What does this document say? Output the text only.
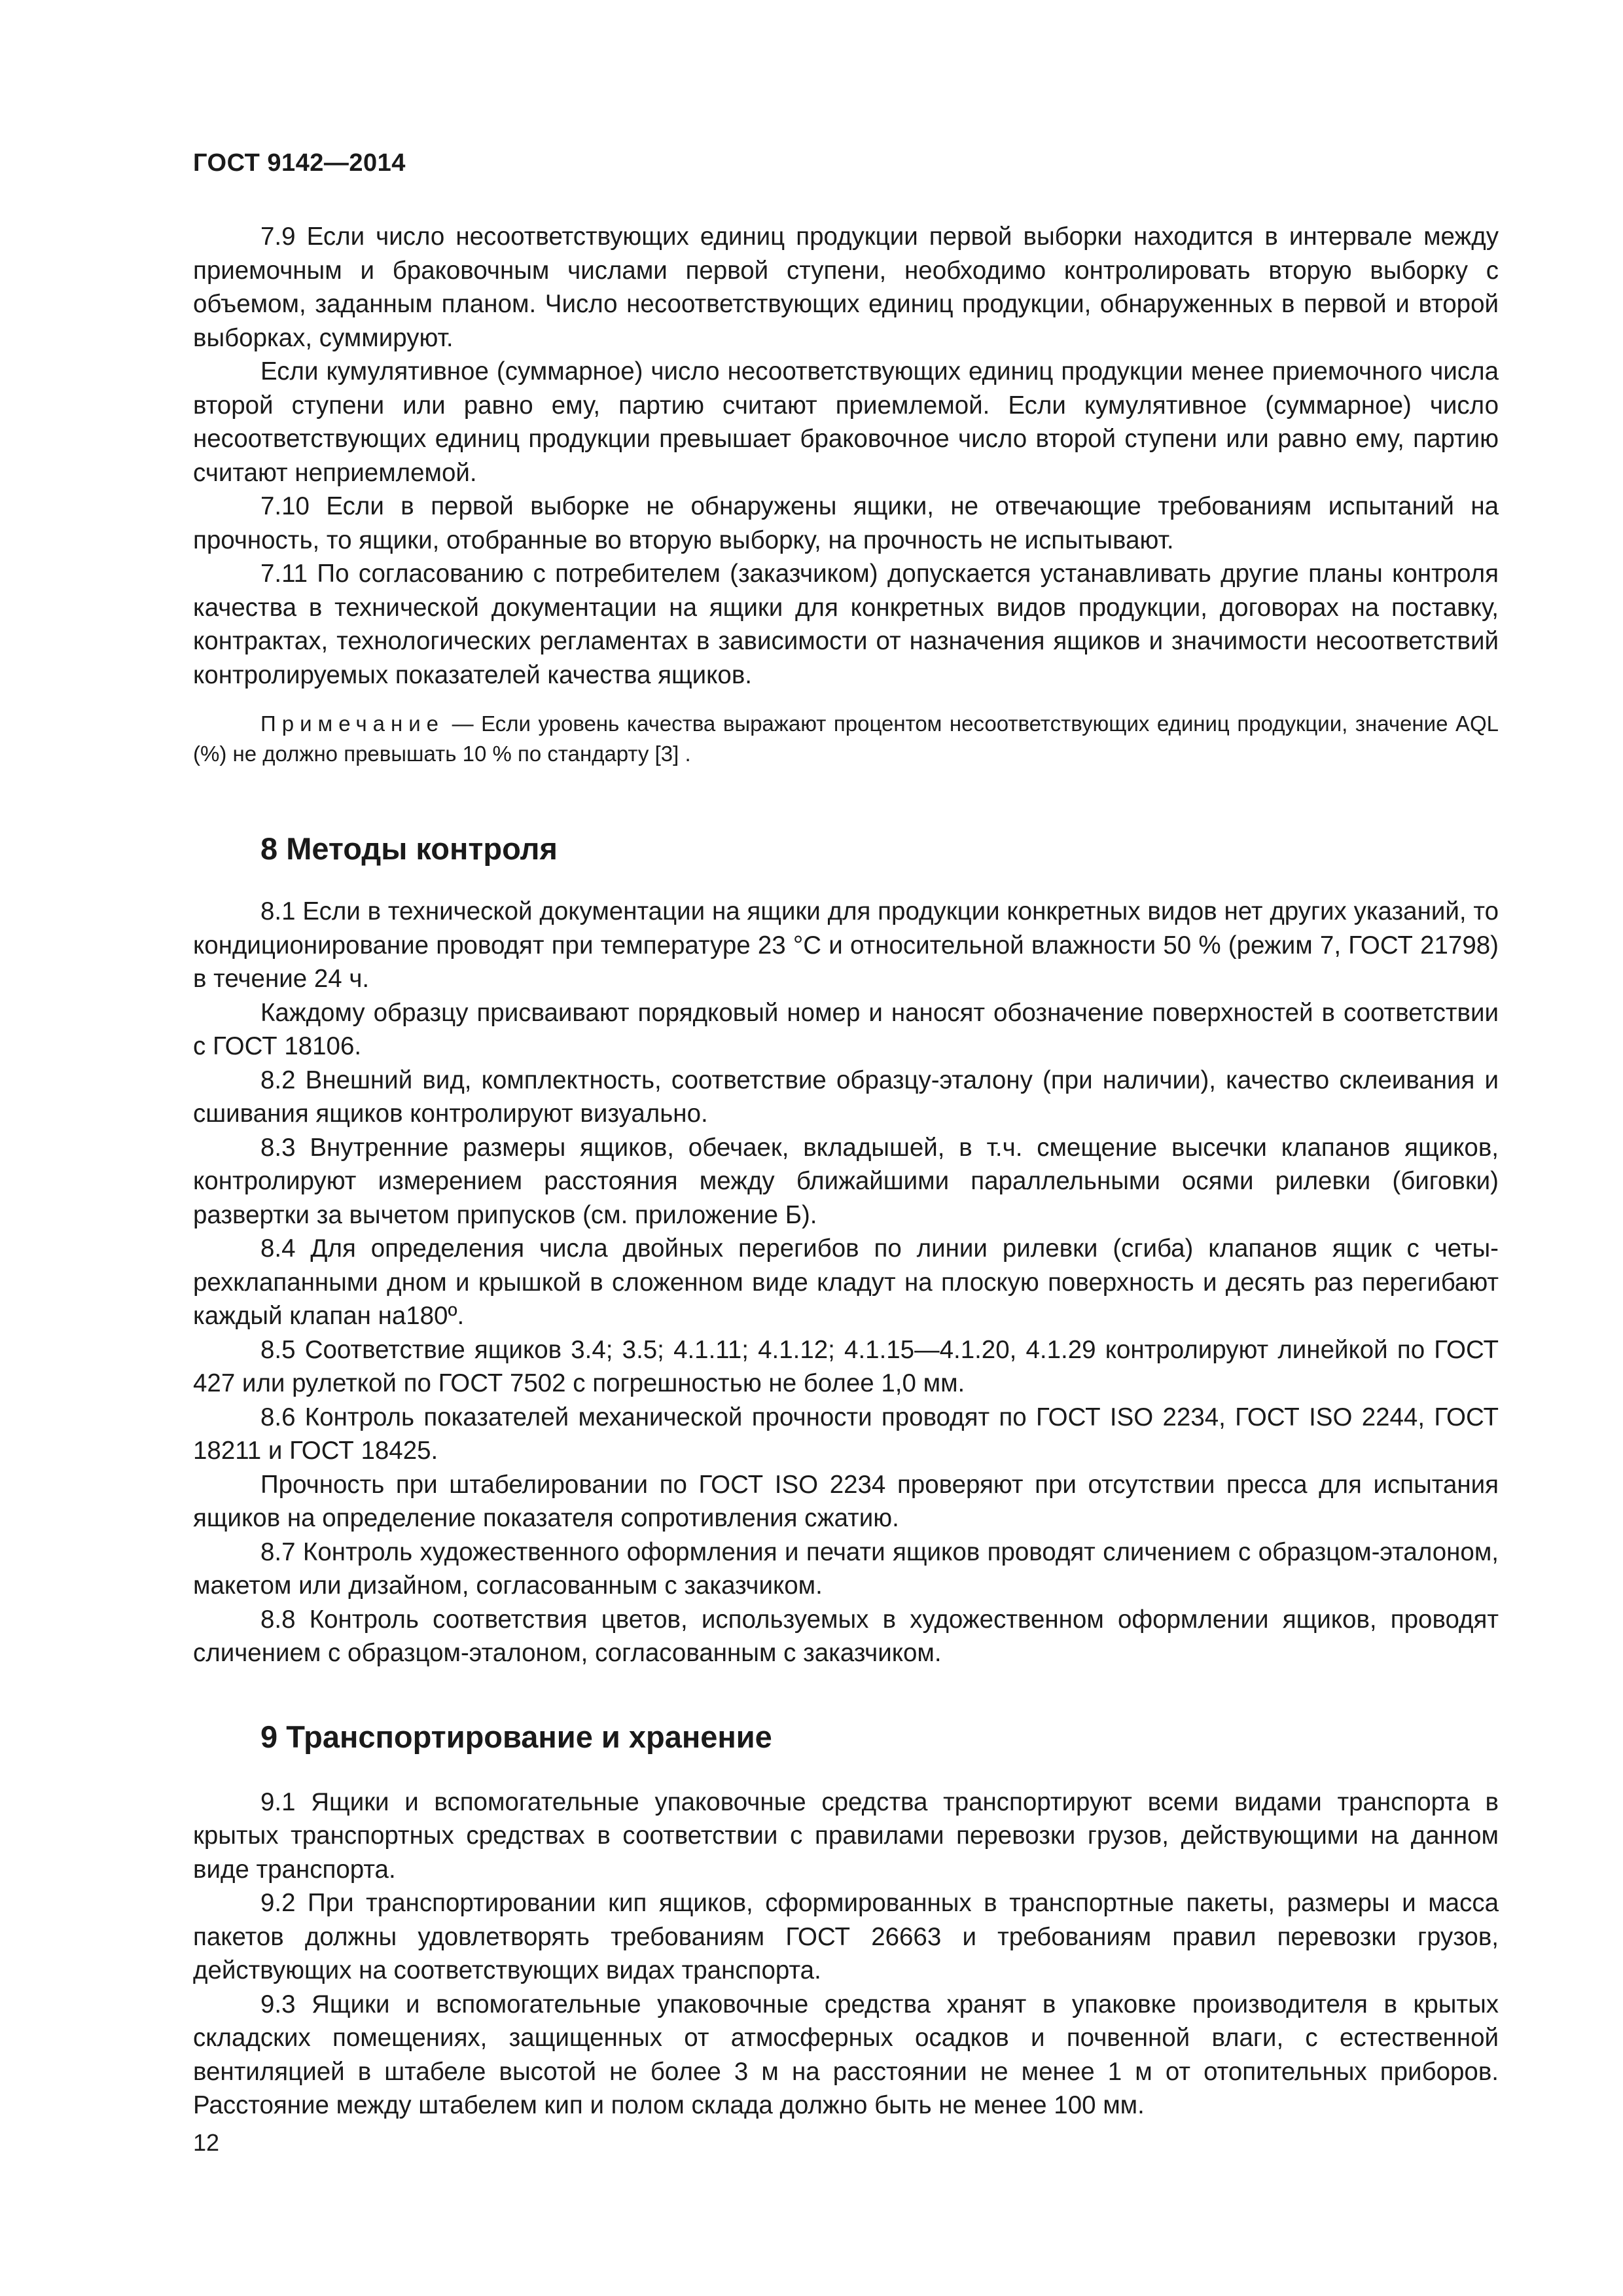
ГОСТ 9142—2014

7.9 Если число несоответствующих единиц продукции первой выборки находится в интервале между приемочным и браковочным числами первой ступени, необходимо контролировать вторую выборку с объемом, заданным планом. Число несоответствующих единиц продукции, обнаруженных в первой и второй выборках, суммируют.

Если кумулятивное (суммарное) число несоответствующих единиц продукции менее приемочного числа второй ступени или равно ему, партию считают приемлемой. Если кумулятивное (суммарное) число несоответствующих единиц продукции превышает браковочное число второй ступени или равно ему, партию считают неприемлемой.

7.10 Если в первой выборке не обнаружены ящики, не отвечающие требованиям испытаний на прочность, то ящики, отобранные во вторую выборку, на прочность не испытывают.

7.11 По согласованию с потребителем (заказчиком) допускается устанавливать другие планы контроля качества в технической документации на ящики для конкретных видов продукции, договорах на поставку, контрактах, технологических регламентах в зависимости от назначения ящиков и значимости несоответствий контролируемых показателей качества ящиков.

Примечание — Если уровень качества выражают процентом несоответствующих единиц продукции, значение AQL (%) не должно превышать 10 % по стандарту [3] .

8 Методы контроля

8.1 Если в технической документации на ящики для продукции конкретных видов нет других указаний, то кондиционирование проводят при температуре 23 °С и относительной влажности 50 % (режим 7, ГОСТ 21798) в течение 24 ч.

Каждому образцу присваивают порядковый номер и наносят обозначение поверхностей в соответствии с ГОСТ 18106.

8.2 Внешний вид, комплектность, соответствие образцу-эталону (при наличии), качество склеивания и сшивания ящиков контролируют визуально.

8.3 Внутренние размеры ящиков, обечаек, вкладышей, в т.ч. смещение высечки клапанов ящиков, контролируют измерением расстояния между ближайшими параллельными осями рилевки (биговки) развертки за вычетом припусков (см. приложение Б).

8.4 Для определения числа двойных перегибов по линии рилевки (сгиба) клапанов ящик с четырехклапанными дном и крышкой в сложенном виде кладут на плоскую поверхность и десять раз перегибают каждый клапан на180º.

8.5 Соответствие ящиков 3.4; 3.5; 4.1.11; 4.1.12; 4.1.15—4.1.20, 4.1.29 контролируют линейкой по ГОСТ 427 или рулеткой по ГОСТ 7502 с погрешностью не более 1,0 мм.

8.6 Контроль показателей механической прочности проводят по ГОСТ ISO 2234, ГОСТ ISO 2244, ГОСТ 18211 и ГОСТ 18425.

Прочность при штабелировании по ГОСТ ISO 2234 проверяют при отсутствии пресса для испытания ящиков на определение показателя сопротивления сжатию.

8.7 Контроль художественного оформления и печати ящиков проводят сличением с образцом-эталоном, макетом или дизайном, согласованным с заказчиком.

8.8 Контроль соответствия цветов, используемых в художественном оформлении ящиков, проводят сличением с образцом-эталоном, согласованным с заказчиком.

9 Транспортирование и хранение

9.1 Ящики и вспомогательные упаковочные средства транспортируют всеми видами транспорта в крытых транспортных средствах в соответствии с правилами перевозки грузов, действующими на данном виде транспорта.

9.2 При транспортировании кип ящиков, сформированных в транспортные пакеты, размеры и масса пакетов должны удовлетворять требованиям ГОСТ 26663 и требованиям правил перевозки грузов, действующих на соответствующих видах транспорта.

9.3 Ящики и вспомогательные упаковочные средства хранят в упаковке производителя в крытых складских помещениях, защищенных от атмосферных осадков и почвенной влаги, с естественной вентиляцией в штабеле высотой не более 3 м на расстоянии не менее 1 м от отопительных приборов. Расстояние между штабелем кип и полом склада должно быть не менее 100 мм.

12
